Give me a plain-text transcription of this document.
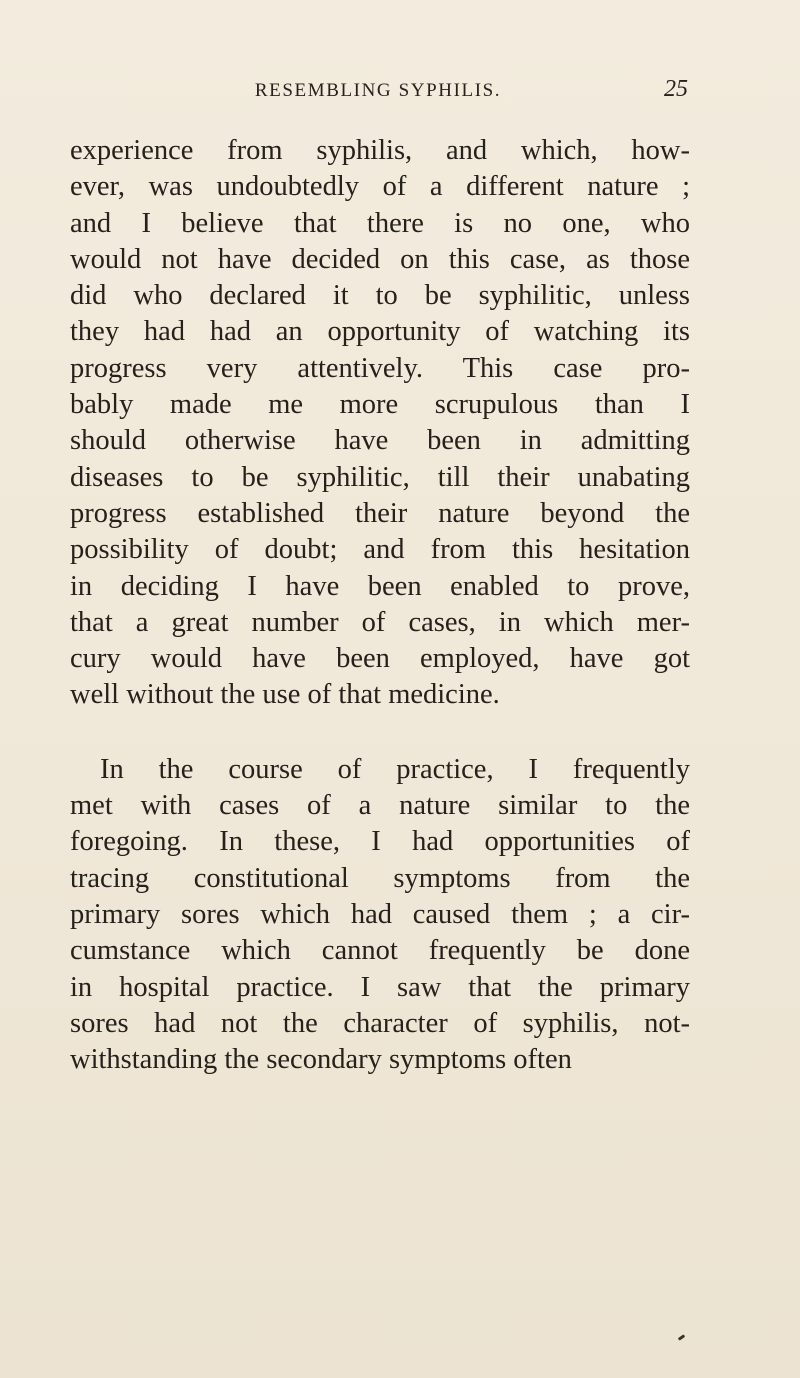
RESEMBLING SYPHILIS.	25
experience from syphilis, and which, how-
ever, was undoubtedly of a different nature ;
and I believe that there is no one, who
would not have decided on this case, as those
did who declared it to be syphilitic, unless
they had had an opportunity of watching its
progress very attentively. This case pro-
bably made me more scrupulous than I
should otherwise have been in admitting
diseases to be syphilitic, till their unabating
progress established their nature beyond the
possibility of doubt; and from this hesitation
in deciding I have been enabled to prove,
that a great number of cases, in which mer-
cury would have been employed, have got
well without the use of that medicine.
In the course of practice, I frequently
met with cases of a nature similar to the
foregoing. In these, I had opportunities of
tracing constitutional symptoms from the
primary sores which had caused them ; a cir-
cumstance which cannot frequently be done
in hospital practice. I saw that the primary
sores had not the character of syphilis, not-
withstanding the secondary symptoms often
